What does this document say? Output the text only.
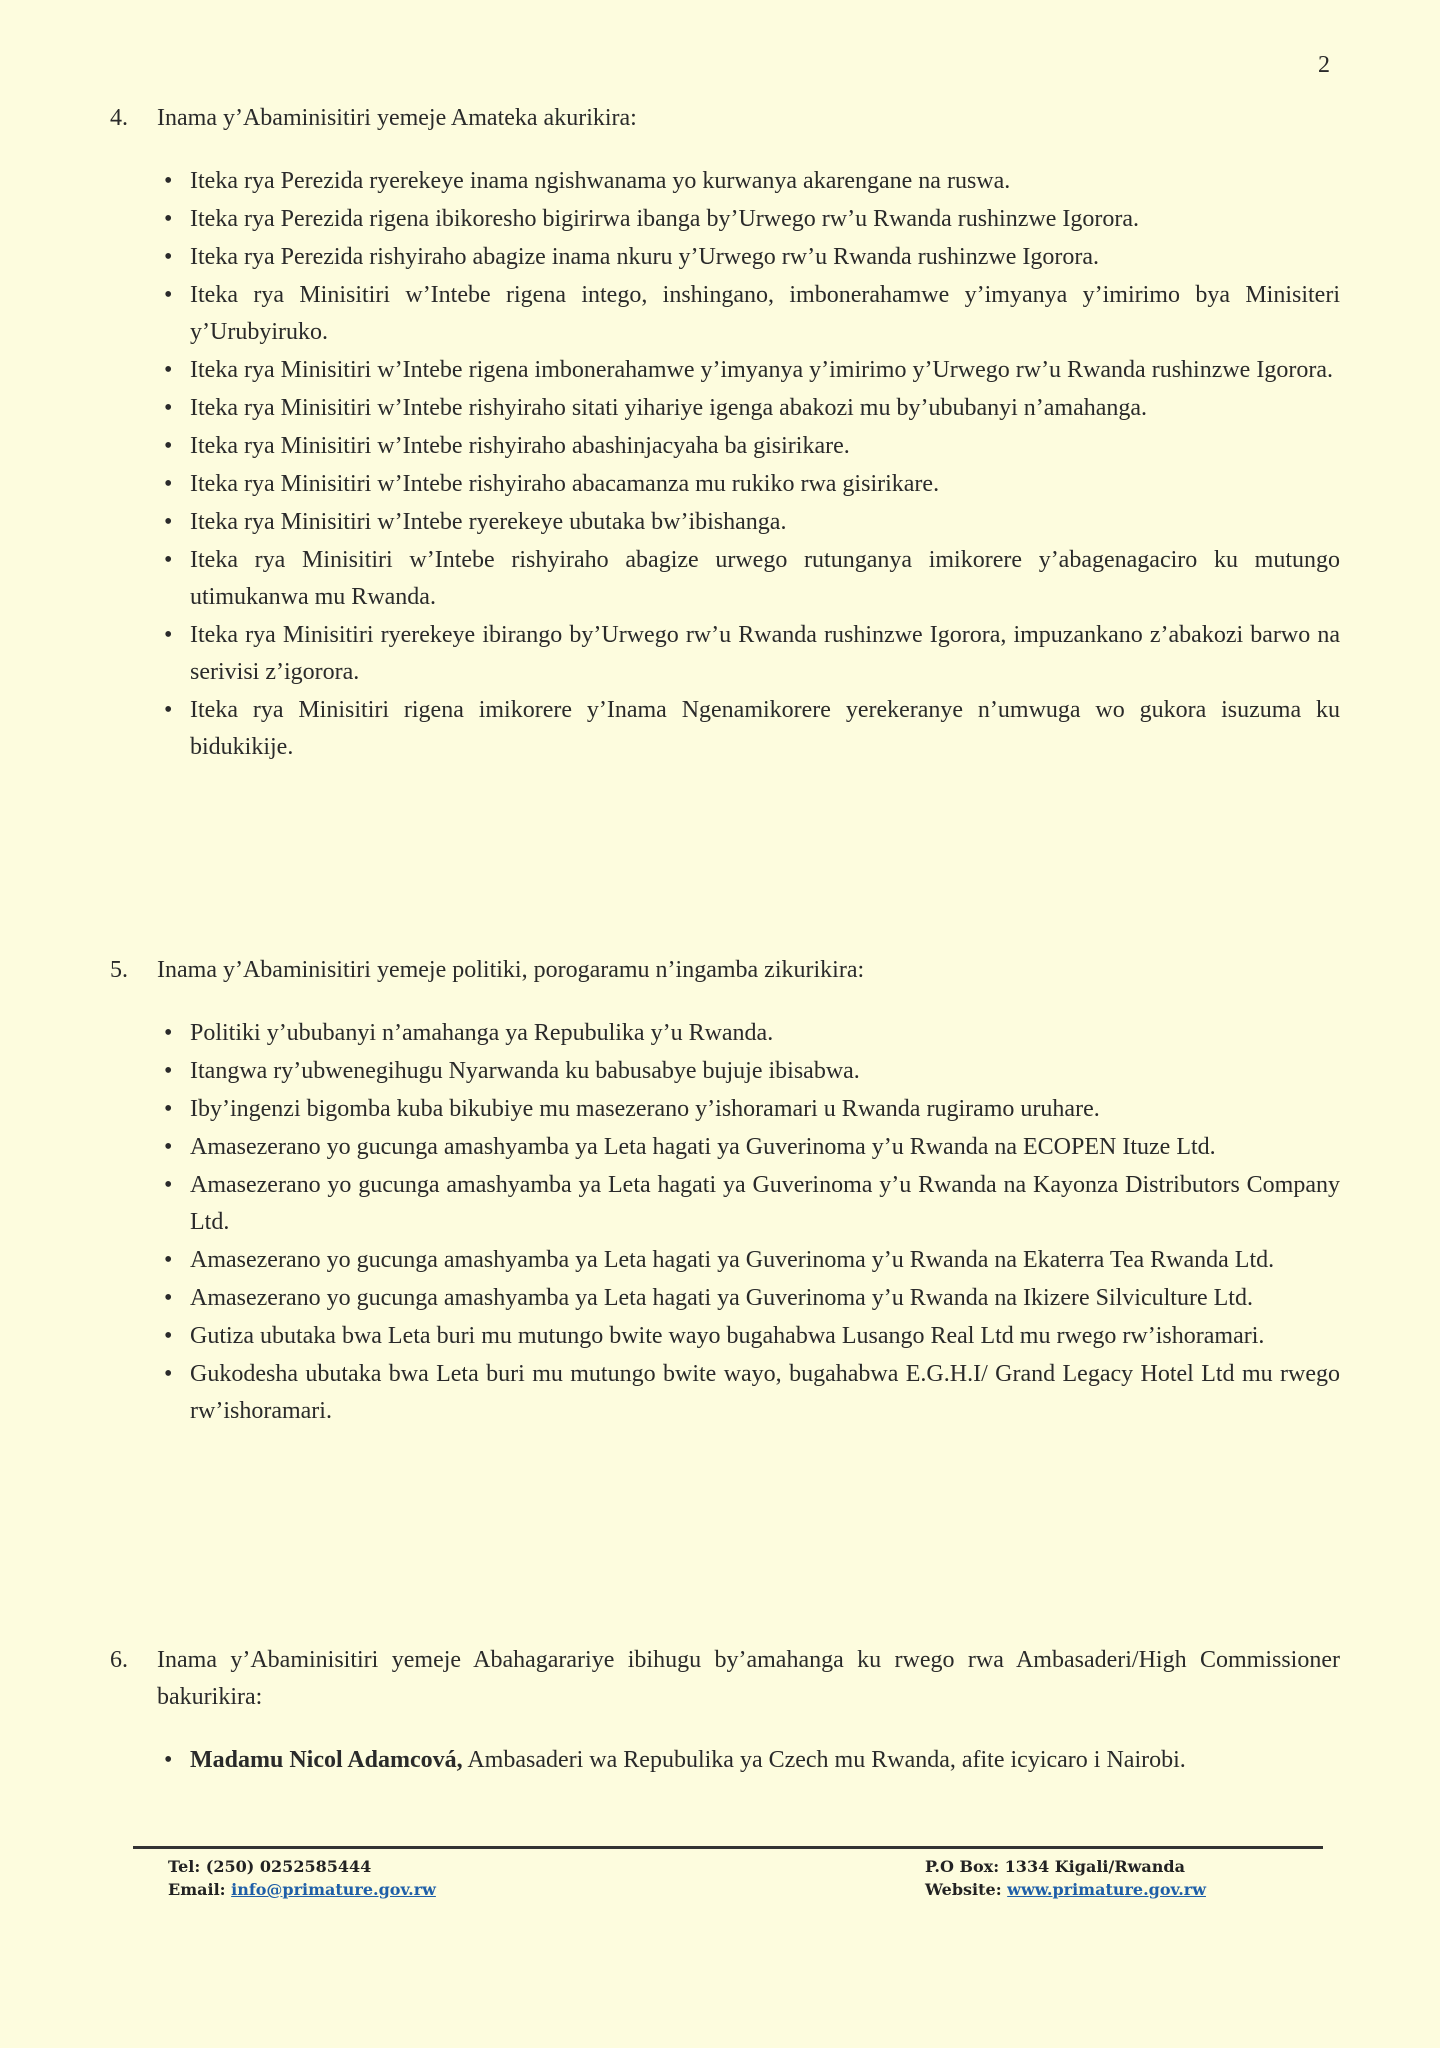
2
4.	Inama y’Abaminisitiri yemeje Amateka akurikira:
• Iteka rya Perezida ryerekeye inama ngishwanama yo kurwanya akarengane na ruswa.
• Iteka rya Perezida rigena ibikoresho bigirirwa ibanga by’Urwego rw’u Rwanda rushinzwe Igorora.
• Iteka rya Perezida rishyiraho abagize inama nkuru y’Urwego rw’u Rwanda rushinzwe Igorora.
• Iteka rya Minisitiri w’Intebe rigena intego, inshingano, imbonerahamwe y’imyanya y’imirimo bya Minisiteri y’Urubyiruko.
• Iteka rya Minisitiri w’Intebe rigena imbonerahamwe y’imyanya y’imirimo y’Urwego rw’u Rwanda rushinzwe Igorora.
• Iteka rya Minisitiri w’Intebe rishyiraho sitati yihariye igenga abakozi mu by’ububanyi n’amahanga.
• Iteka rya Minisitiri w’Intebe rishyiraho abashinjacyaha ba gisirikare.
• Iteka rya Minisitiri w’Intebe rishyiraho abacamanza mu rukiko rwa gisirikare.
• Iteka rya Minisitiri w’Intebe ryerekeye ubutaka bw’ibishanga.
• Iteka rya Minisitiri w’Intebe rishyiraho abagize urwego rutunganya imikorere y’abagenagaciro ku mutungo utimukanwa mu Rwanda.
• Iteka rya Minisitiri ryerekeye ibirango by’Urwego rw’u Rwanda rushinzwe Igorora, impuzankano z’abakozi barwo na serivisi z’igorora.
• Iteka rya Minisitiri rigena imikorere y’Inama Ngenamikorere yerekeranye n’umwuga wo gukora isuzuma ku bidukikije.
5.	Inama y’Abaminisitiri yemeje politiki, porogaramu n’ingamba zikurikira:
• Politiki y’ububanyi n’amahanga ya Repubulika y’u Rwanda.
• Itangwa ry’ubwenegihugu Nyarwanda ku babusabye bujuje ibisabwa.
• Iby’ingenzi bigomba kuba bikubiye mu masezerano y’ishoramari u Rwanda rugiramo uruhare.
• Amasezerano yo gucunga amashyamba ya Leta hagati ya Guverinoma y’u Rwanda na ECOPEN Ituze Ltd.
• Amasezerano yo gucunga amashyamba ya Leta hagati ya Guverinoma y’u Rwanda na Kayonza Distributors Company Ltd.
• Amasezerano yo gucunga amashyamba ya Leta hagati ya Guverinoma y’u Rwanda na Ekaterra Tea Rwanda Ltd.
• Amasezerano yo gucunga amashyamba ya Leta hagati ya Guverinoma y’u Rwanda na Ikizere Silviculture Ltd.
• Gutiza ubutaka bwa Leta buri mu mutungo bwite wayo bugahabwa Lusango Real Ltd mu rwego rw’ishoramari.
• Gukodesha ubutaka bwa Leta buri mu mutungo bwite wayo, bugahabwa E.G.H.I/ Grand Legacy Hotel Ltd mu rwego rw’ishoramari.
6.	Inama y’Abaminisitiri yemeje Abahagarariye ibihugu by’amahanga ku rwego rwa Ambasaderi/High Commissioner bakurikira:
• Madamu Nicol Adamcová, Ambasaderi wa Repubulika ya Czech mu Rwanda, afite icyicaro i Nairobi.
Tel: (250) 0252585444
Email: info@primature.gov.rw
P.O Box: 1334 Kigali/Rwanda
Website: www.primature.gov.rw
